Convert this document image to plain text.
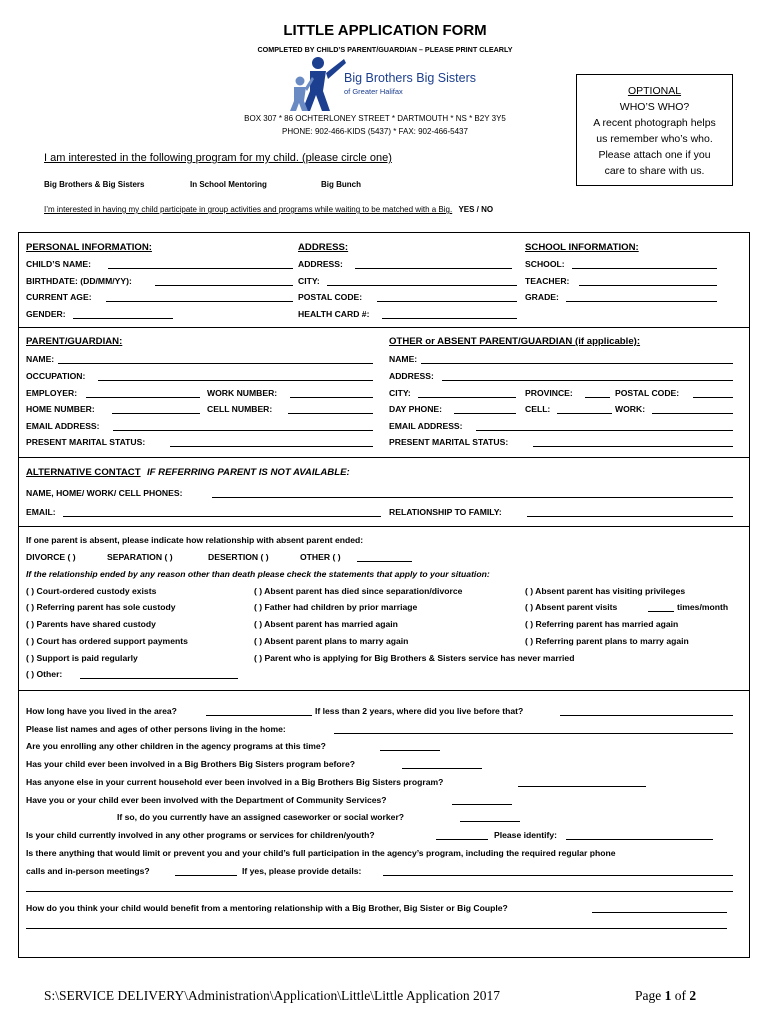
LITTLE APPLICATION FORM
COMPLETED BY CHILD’S PARENT/GUARDIAN – PLEASE PRINT CLEARLY
Big Brothers Big Sisters
of Greater Halifax
BOX 307 * 86 OCHTERLONEY STREET * DARTMOUTH * NS * B2Y 3Y5
PHONE: 902-466-KIDS (5437) * FAX: 902-466-5437
OPTIONAL
WHO’S WHO?
A recent photograph helps
us remember who’s who.
Please attach one if you
care to share with us.
I am interested in the following program for my child. (please circle one)
Big Brothers & Big Sisters	In School Mentoring	Big Bunch
I’m interested in having my child participate in group activities and programs while waiting to be matched with a Big. YES / NO
PERSONAL INFORMATION:
CHILD’S NAME:
BIRTHDATE: (DD/MM/YY):
CURRENT AGE:
GENDER:
ADDRESS:
ADDRESS:
CITY:
POSTAL CODE:
HEALTH CARD #:
SCHOOL INFORMATION:
SCHOOL:
TEACHER:
GRADE:
PARENT/GUARDIAN:
NAME:
OCCUPATION:
EMPLOYER:	WORK NUMBER:
HOME NUMBER:	CELL NUMBER:
EMAIL ADDRESS:
PRESENT MARITAL STATUS:
OTHER or ABSENT PARENT/GUARDIAN (if applicable):
NAME:
ADDRESS:
CITY:	PROVINCE:	POSTAL CODE:
DAY PHONE:	CELL:	WORK:
EMAIL ADDRESS:
PRESENT MARITAL STATUS:
ALTERNATIVE CONTACT IF REFERRING PARENT IS NOT AVAILABLE:
NAME, HOME/ WORK/ CELL PHONES:
EMAIL:	RELATIONSHIP TO FAMILY:
If one parent is absent, please indicate how relationship with absent parent ended:
DIVORCE ( )	SEPARATION ( )	DESERTION ( )	OTHER ( )
If the relationship ended by any reason other than death please check the statements that apply to your situation:
( ) Court-ordered custody exists
( ) Referring parent has sole custody
( ) Parents have shared custody
( ) Court has ordered support payments
( ) Support is paid regularly
( ) Other:
( ) Absent parent has died since separation/divorce
( ) Father had children by prior marriage
( ) Absent parent has married again
( ) Absent parent plans to marry again
( ) Parent who is applying for Big Brothers & Sisters service has never married
( ) Absent parent has visiting privileges
( ) Absent parent visits	times/month
( ) Referring parent has married again
( ) Referring parent plans to marry again
How long have you lived in the area?	If less than 2 years, where did you live before that?
Please list names and ages of other persons living in the home:
Are you enrolling any other children in the agency programs at this time?
Has your child ever been involved in a Big Brothers Big Sisters program before?
Has anyone else in your current household ever been involved in a Big Brothers Big Sisters program?
Have you or your child ever been involved with the Department of Community Services?
If so, do you currently have an assigned caseworker or social worker?
Is your child currently involved in any other programs or services for children/youth?	Please identify:
Is there anything that would limit or prevent you and your child’s full participation in the agency’s program, including the required regular phone
calls and in-person meetings?	If yes, please provide details:
How do you think your child would benefit from a mentoring relationship with a Big Brother, Big Sister or Big Couple?
S:\SERVICE DELIVERY\Administration\Application\Little\Little Application 2017	Page 1 of 2
